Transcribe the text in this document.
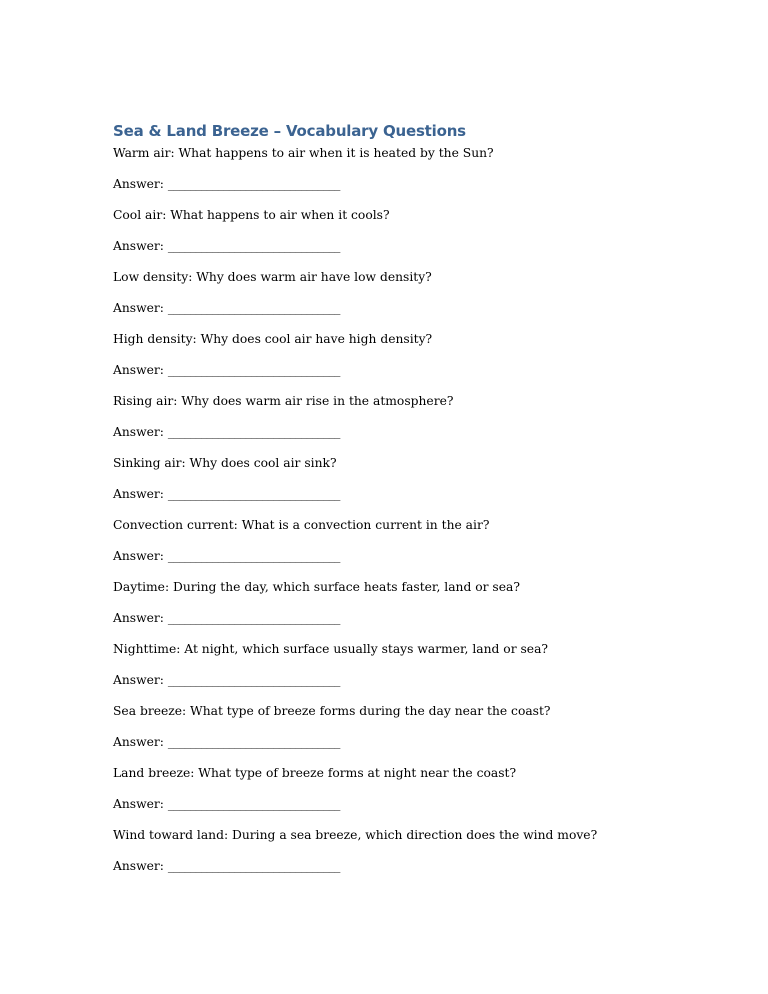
Sea & Land Breeze – Vocabulary Questions

Warm air: What happens to air when it is heated by the Sun?

Answer: _______________________________

Cool air: What happens to air when it cools?

Answer: _______________________________

Low density: Why does warm air have low density?

Answer: _______________________________

High density: Why does cool air have high density?

Answer: _______________________________

Rising air: Why does warm air rise in the atmosphere?

Answer: _______________________________

Sinking air: Why does cool air sink?

Answer: _______________________________

Convection current: What is a convection current in the air?

Answer: _______________________________

Daytime: During the day, which surface heats faster, land or sea?

Answer: _______________________________

Nighttime: At night, which surface usually stays warmer, land or sea?

Answer: _______________________________

Sea breeze: What type of breeze forms during the day near the coast?

Answer: _______________________________

Land breeze: What type of breeze forms at night near the coast?

Answer: _______________________________

Wind toward land: During a sea breeze, which direction does the wind move?

Answer: _______________________________
